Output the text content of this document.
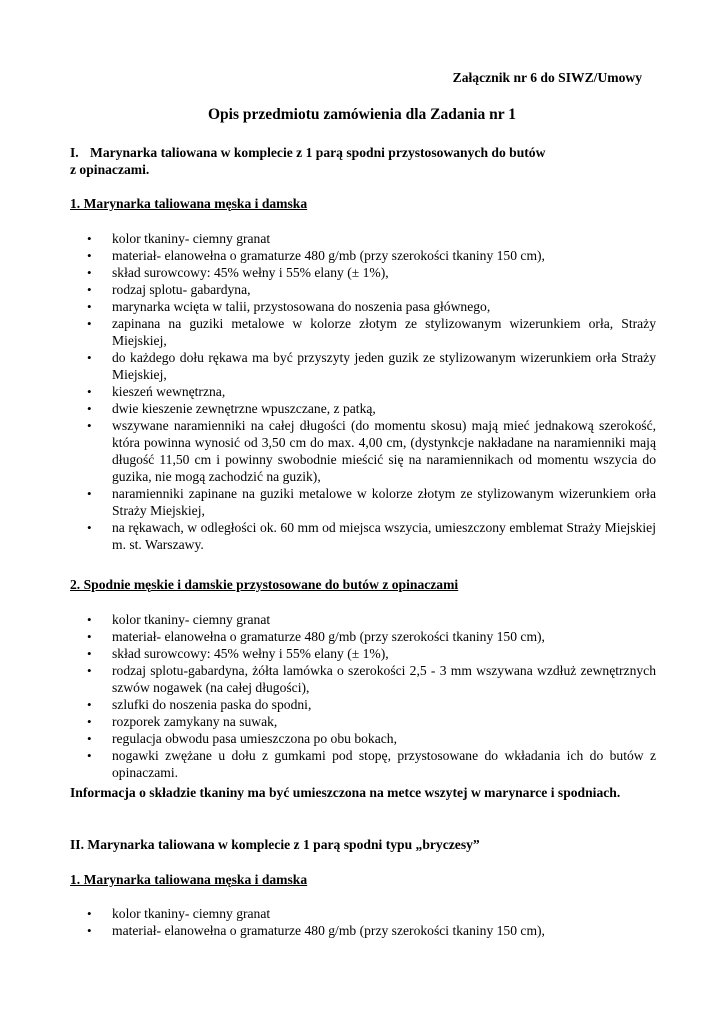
Załącznik nr 6 do SIWZ/Umowy
Opis przedmiotu zamówienia dla Zadania nr 1
I. Marynarka taliowana w komplecie z 1 parą spodni przystosowanych do butów
z opinaczami.
1. Marynarka taliowana męska i damska
• kolor tkaniny- ciemny granat
• materiał- elanowełna o gramaturze 480 g/mb (przy szerokości tkaniny 150 cm),
• skład surowcowy: 45% wełny i 55% elany (± 1%),
• rodzaj splotu- gabardyna,
• marynarka wcięta w talii, przystosowana do noszenia pasa głównego,
• zapinana na guziki metalowe w kolorze złotym ze stylizowanym wizerunkiem orła, Straży Miejskiej,
• do każdego dołu rękawa ma być przyszyty jeden guzik ze stylizowanym wizerunkiem orła Straży Miejskiej,
• kieszeń wewnętrzna,
• dwie kieszenie zewnętrzne wpuszczane, z patką,
• wszywane naramienniki na całej długości (do momentu skosu) mają mieć jednakową szerokość, która powinna wynosić od 3,50 cm do max. 4,00 cm, (dystynkcje nakładane na naramienniki mają długość 11,50 cm i powinny swobodnie mieścić się na naramiennikach od momentu wszycia do guzika, nie mogą zachodzić na guzik),
• naramienniki zapinane na guziki metalowe w kolorze złotym ze stylizowanym wizerunkiem orła Straży Miejskiej,
• na rękawach, w odległości ok. 60 mm od miejsca wszycia, umieszczony emblemat Straży Miejskiej m. st. Warszawy.
2. Spodnie męskie i damskie przystosowane do butów z opinaczami
• kolor tkaniny- ciemny granat
• materiał- elanowełna o gramaturze 480 g/mb (przy szerokości tkaniny 150 cm),
• skład surowcowy: 45% wełny i 55% elany (± 1%),
• rodzaj splotu-gabardyna, żółta lamówka o szerokości 2,5 - 3 mm wszywana wzdłuż zewnętrznych szwów nogawek (na całej długości),
• szlufki do noszenia paska do spodni,
• rozporek zamykany na suwak,
• regulacja obwodu pasa umieszczona po obu bokach,
• nogawki zwężane u dołu z gumkami pod stopę, przystosowane do wkładania ich do butów z opinaczami.
Informacja o składzie tkaniny ma być umieszczona na metce wszytej w marynarce i spodniach.
II. Marynarka taliowana w komplecie z 1 parą spodni typu „bryczesy”
1. Marynarka taliowana męska i damska
• kolor tkaniny- ciemny granat
• materiał- elanowełna o gramaturze 480 g/mb (przy szerokości tkaniny 150 cm),
